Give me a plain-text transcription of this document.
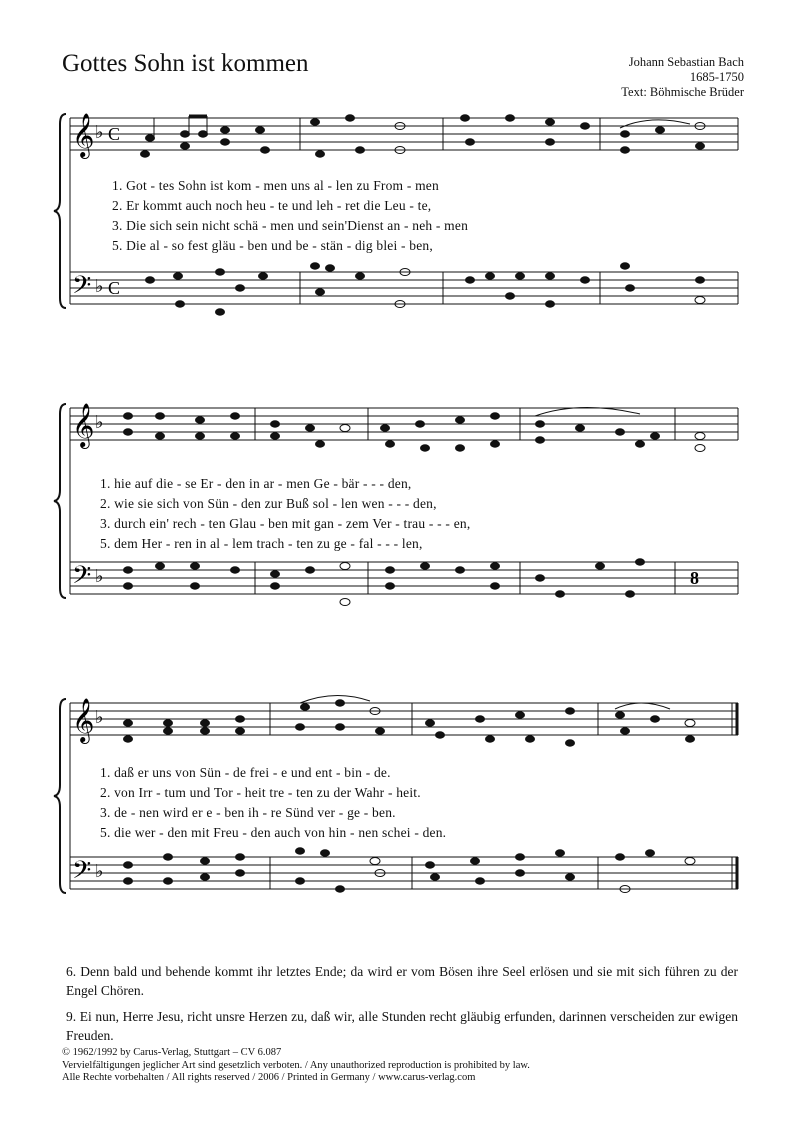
Gottes Sohn ist kommen	Johann Sebastian Bach
1685-1750
Text: Böhmische Brüder
𝄞
𝄢
♭
♭
C
C
1. Got - tes Sohn ist kom - men uns al - len zu From - men
2. Er kommt auch noch heu - te und leh - ret die Leu - te,
3. Die sich sein nicht schä - men und sein'Dienst an - neh - men
5. Die al - so fest gläu - ben und be - stän - dig blei - ben,
𝄞
𝄢
♭
♭	8
1. hie auf die - se Er - den in ar - men Ge - bär - - - den,
2. wie sie sich von Sün - den zur Buß sol - len wen - - - den,
3. durch ein' rech - ten Glau - ben mit gan - zem Ver - trau - - - en,
5. dem Her - ren in al - lem trach - ten zu ge - fal - - - len,
𝄞
𝄢
♭
♭
1. daß er uns von Sün - de frei - e und ent - bin - de.
2. von Irr - tum und Tor - heit tre - ten zu der Wahr - heit.
3. de - nen wird er e - ben ih - re Sünd ver - ge - ben.
5. die wer - den mit Freu - den auch von hin - nen schei - den.
6. Denn bald und behende kommt ihr letztes Ende; da wird er vom Bösen ihre Seel erlösen und sie mit sich führen zu der Engel Chören.
9. Ei nun, Herre Jesu, richt unsre Herzen zu, daß wir, alle Stunden recht gläubig erfunden, darinnen verscheiden zur ewigen Freuden.
© 1962/1992 by Carus-Verlag, Stuttgart – CV 6.087
Vervielfältigungen jeglicher Art sind gesetzlich verboten. / Any unauthorized reproduction is prohibited by law.
Alle Rechte vorbehalten / All rights reserved / 2006 / Printed in Germany / www.carus-verlag.com
